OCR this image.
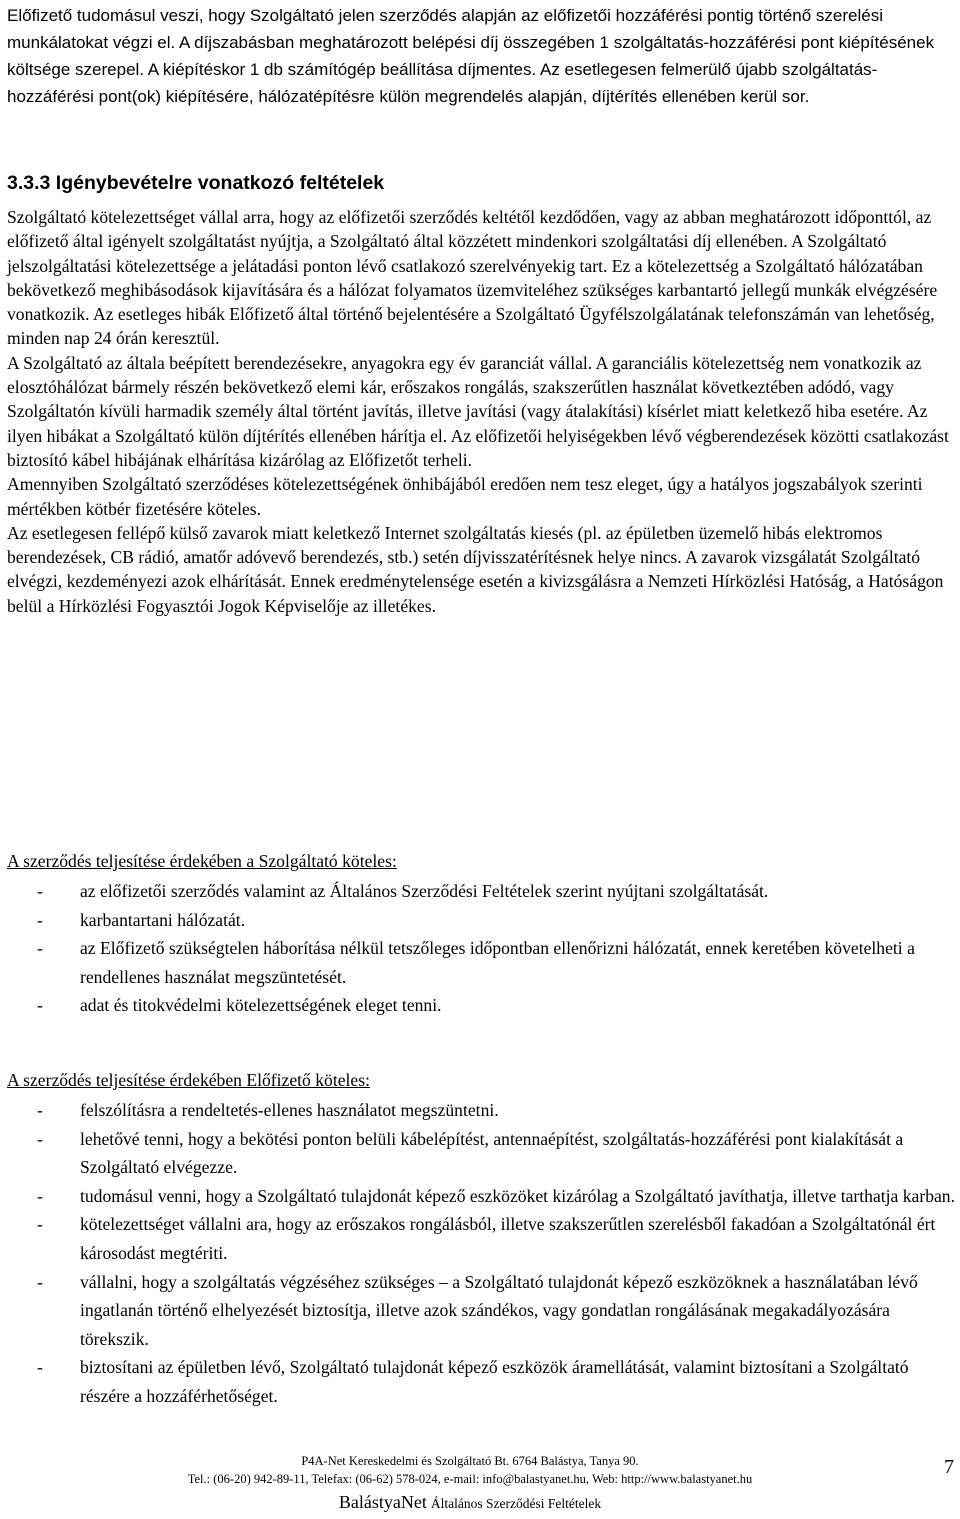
Előfizető tudomásul veszi, hogy Szolgáltató jelen szerződés alapján az előfizetői hozzáférési pontig történő szerelési munkálatokat végzi el. A díjszabásban meghatározott belépési díj összegében 1 szolgáltatás-hozzáférési pont kiépítésének költsége szerepel. A kiépítéskor 1 db számítógép beállítása díjmentes. Az esetlegesen felmerülő újabb szolgáltatás-hozzáférési pont(ok) kiépítésére, hálózatépítésre külön megrendelés alapján, díjtérítés ellenében kerül sor.

3.3.3 Igénybevételre vonatkozó feltételek

Szolgáltató kötelezettséget vállal arra, hogy az előfizetői szerződés keltétől kezdődően, vagy az abban meghatározott időponttól, az előfizető által igényelt szolgáltatást nyújtja, a Szolgáltató által közzétett mindenkori szolgáltatási díj ellenében. A Szolgáltató jelszolgáltatási kötelezettsége a jelátadási ponton lévő csatlakozó szerelvényekig tart. Ez a kötelezettség a Szolgáltató hálózatában bekövetkező meghibásodások kijavítására és a hálózat folyamatos üzemviteléhez szükséges karbantartó jellegű munkák elvégzésére vonatkozik. Az esetleges hibák Előfizető által történő bejelentésére a Szolgáltató Ügyfélszolgálatának telefonszámán van lehetőség, minden nap 24 órán keresztül.

A Szolgáltató az általa beépített berendezésekre, anyagokra egy év garanciát vállal. A garanciális kötelezettség nem vonatkozik az elosztóhálózat bármely részén bekövetkező elemi kár, erőszakos rongálás, szakszerűtlen használat következtében adódó, vagy Szolgáltatón kívüli harmadik személy által történt javítás, illetve javítási (vagy átalakítási) kísérlet miatt keletkező hiba esetére. Az ilyen hibákat a Szolgáltató külön díjtérítés ellenében hárítja el. Az előfizetői helyiségekben lévő végberendezések közötti csatlakozást biztosító kábel hibájának elhárítása kizárólag az Előfizetőt terheli.

Amennyiben Szolgáltató szerződéses kötelezettségének önhibájából eredően nem tesz eleget, úgy a hatályos jogszabályok szerinti mértékben kötbér fizetésére köteles.

Az esetlegesen fellépő külső zavarok miatt keletkező Internet szolgáltatás kiesés (pl. az épületben üzemelő hibás elektromos berendezések, CB rádió, amatőr adóvevő berendezés, stb.) setén díjvisszatérítésnek helye nincs. A zavarok vizsgálatát Szolgáltató elvégzi, kezdeményezi azok elhárítását. Ennek eredménytelensége esetén a kivizsgálásra a Nemzeti Hírközlési Hatóság, a Hatóságon belül a Hírközlési Fogyasztói Jogok Képviselője az illetékes.

A szerződés teljesítése érdekében a Szolgáltató köteles:

- az előfizetői szerződés valamint az Általános Szerződési Feltételek szerint nyújtani szolgáltatását.
- karbantartani hálózatát.
- az Előfizető szükségtelen háborítása nélkül tetszőleges időpontban ellenőrizni hálózatát, ennek keretében követelheti a rendellenes használat megszüntetését.
- adat és titokvédelmi kötelezettségének eleget tenni.

A szerződés teljesítése érdekében Előfizető köteles:

- felszólításra a rendeltetés-ellenes használatot megszüntetni.
- lehetővé tenni, hogy a bekötési ponton belüli kábelépítést, antennaépítést, szolgáltatás-hozzáférési pont kialakítását a Szolgáltató elvégezze.
- tudomásul venni, hogy a Szolgáltató tulajdonát képező eszközöket kizárólag a Szolgáltató javíthatja, illetve tarthatja karban.
- kötelezettséget vállalni ara, hogy az erőszakos rongálásból, illetve szakszerűtlen szerelésből fakadóan a Szolgáltatónál ért károsodást megtériti.
- vállalni, hogy a szolgáltatás végzéséhez szükséges – a Szolgáltató tulajdonát képező eszközöknek a használatában lévő ingatlanán történő elhelyezését biztosítja, illetve azok szándékos, vagy gondatlan rongálásának megakadályozására törekszik.
- biztosítani az épületben lévő, Szolgáltató tulajdonát képező eszközök áramellátását, valamint biztosítani a Szolgáltató részére a hozzáférhetőséget.
P4A-Net Kereskedelmi és Szolgáltató Bt. 6764 Balástya, Tanya 90.
Tel.: (06-20) 942-89-11, Telefax: (06-62) 578-024, e-mail: info@balastyanet.hu, Web: http://www.balastyanet.hu
BalástyaNet Általános Szerződési Feltételek
7
